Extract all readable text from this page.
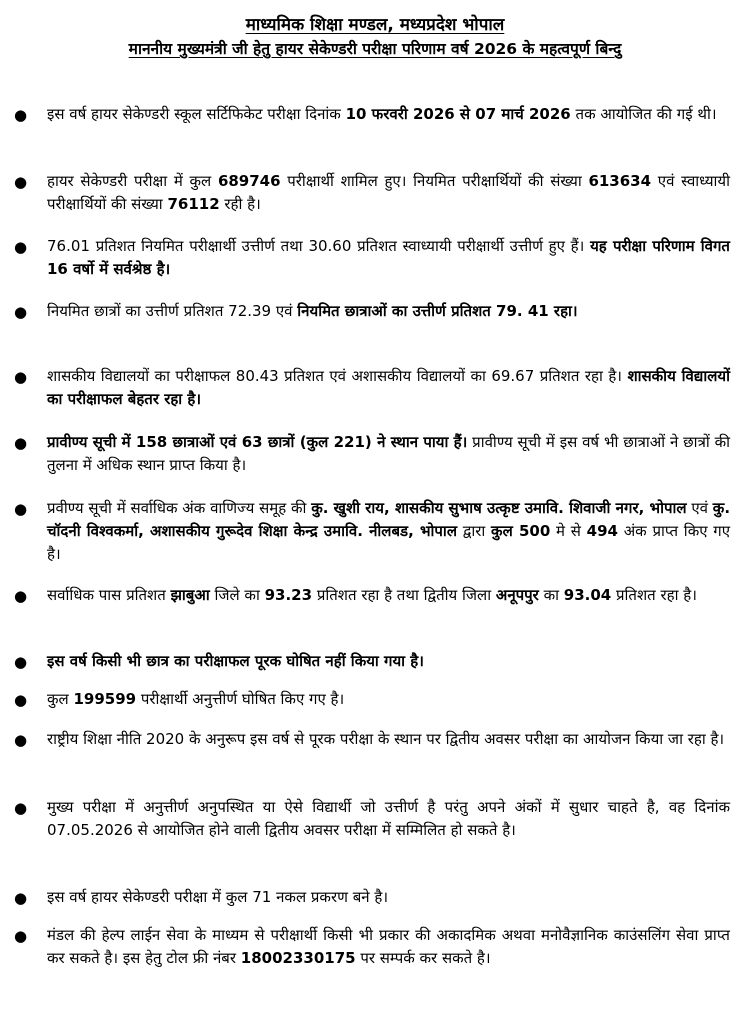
माध्यमिक शिक्षा मण्डल, मध्यप्रदेश भोपाल
माननीय मुख्यमंत्री जी हेतु हायर सेकेण्डरी परीक्षा परिणाम वर्ष 2026 के महत्वपूर्ण बिन्दु
● इस वर्ष हायर सेकेण्डरी स्कूल सर्टिफिकेट परीक्षा दिनांक 10 फरवरी 2026 से 07 मार्च 2026 तक आयोजित की गई थी।
● हायर सेकेण्डरी परीक्षा में कुल 689746 परीक्षार्थी शामिल हुए। नियमित परीक्षार्थियों की संख्या 613634 एवं स्वाध्यायी परीक्षार्थियों की संख्या 76112 रही है।
● 76.01 प्रतिशत नियमित परीक्षार्थी उत्तीर्ण तथा 30.60 प्रतिशत स्वाध्यायी परीक्षार्थी उत्तीर्ण हुए हैं। यह परीक्षा परिणाम विगत 16 वर्षो में सर्वश्रेष्ठ है।
● नियमित छात्रों का उत्तीर्ण प्रतिशत 72.39 एवं नियमित छात्राओं का उत्तीर्ण प्रतिशत 79. 41 रहा।
● शासकीय विद्यालयों का परीक्षाफल 80.43 प्रतिशत एवं अशासकीय विद्यालयों का 69.67 प्रतिशत रहा है। शासकीय विद्यालयों का परीक्षाफल बेहतर रहा है।
● प्रावीण्य सूची में 158 छात्राओं एवं 63 छात्रों (कुल 221) ने स्थान पाया हैं। प्रावीण्य सूची में इस वर्ष भी छात्राओं ने छात्रों की तुलना में अधिक स्थान प्राप्त किया है।
● प्रवीण्य सूची में सर्वाधिक अंक वाणिज्य समूह की कु. खुशी राय, शासकीय सुभाष उत्कृष्ट उमावि. शिवाजी नगर, भोपाल एवं कु. चॉदनी विश्वकर्मा, अशासकीय गुरूदेव शिक्षा केन्द्र उमावि. नीलबड, भोपाल द्वारा कुल 500 मे से 494 अंक प्राप्त किए गए है।
● सर्वाधिक पास प्रतिशत झाबुआ जिले का 93.23 प्रतिशत रहा है तथा द्वितीय जिला अनूपपुर का 93.04 प्रतिशत रहा है।
● इस वर्ष किसी भी छात्र का परीक्षाफल पूरक घोषित नहीं किया गया है।
● कुल 199599 परीक्षार्थी अनुत्तीर्ण घोषित किए गए है।
● राष्ट्रीय शिक्षा नीति 2020 के अनुरूप इस वर्ष से पूरक परीक्षा के स्थान पर द्वितीय अवसर परीक्षा का आयोजन किया जा रहा है।
● मुख्य परीक्षा में अनुत्तीर्ण अनुपस्थित या ऐसे विद्यार्थी जो उत्तीर्ण है परंतु अपने अंकों में सुधार चाहते है, वह दिनांक 07.05.2026 से आयोजित होने वाली द्वितीय अवसर परीक्षा में सम्मिलित हो सकते है।
● इस वर्ष हायर सेकेण्डरी परीक्षा में कुल 71 नकल प्रकरण बने है।
● मंडल की हेल्प लाईन सेवा के माध्यम से परीक्षार्थी किसी भी प्रकार की अकादमिक अथवा मनोवैज्ञानिक काउंसलिंग सेवा प्राप्त कर सकते है। इस हेतु टोल फ्री नंबर 18002330175 पर सम्पर्क कर सकते है।
